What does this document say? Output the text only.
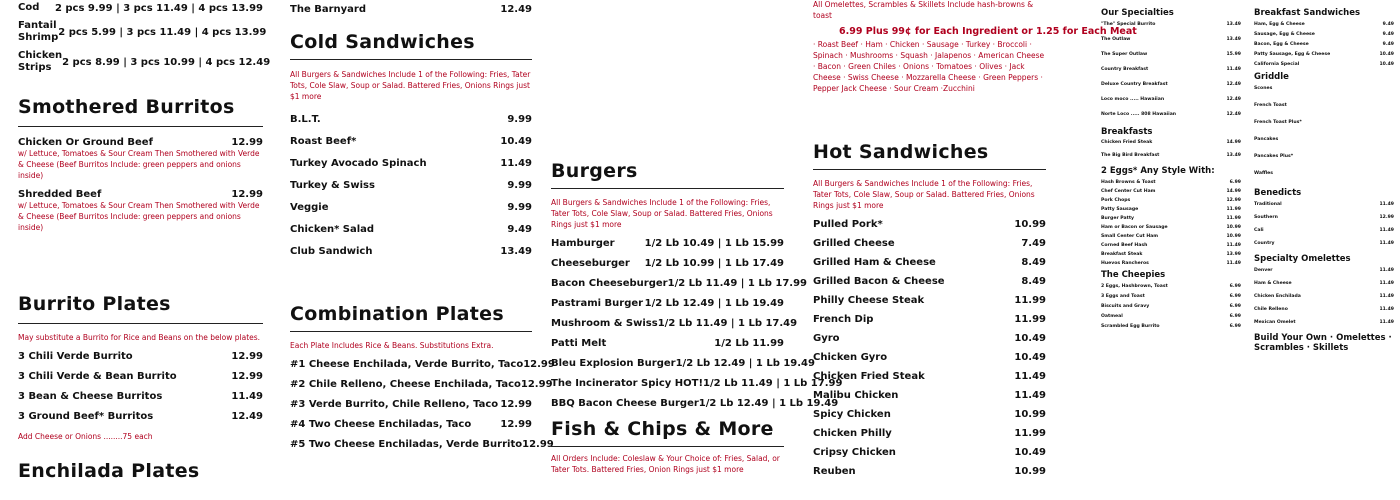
Cod 2 pcs 9.99 | 3 pcs 11.49 | 4 pcs 13.99
Fantail Shrimp 2 pcs 5.99 | 3 pcs 11.49 | 4 pcs 13.99
Chicken Strips	2 pcs 8.99 | 3 pcs 10.99 | 4 pcs 12.49
Smothered Burritos
Chicken Or Ground Beef	12.99
w/ Lettuce, Tomatoes & Sour Cream Then Smothered with Verde & Cheese (Beef Burritos Include: green peppers and onions inside)
Shredded Beef	12.99
w/ Lettuce, Tomatoes & Sour Cream Then Smothered with Verde & Cheese (Beef Burritos Include: green peppers and onions inside)
Burrito Plates
May substitute a Burrito for Rice and Beans on the below plates.
3 Chili Verde Burrito	12.99
3 Chili Verde & Bean Burrito	12.99
3 Bean & Cheese Burritos	11.49
3 Ground Beef* Burritos	12.49
Add Cheese or Onions ........75 each
Enchilada Plates
The Barnyard	12.49
Cold Sandwiches
All Burgers & Sandwiches Include 1 of the Following: Fries, Tater Tots, Cole Slaw, Soup or Salad. Battered Fries, Onions Rings just $1 more
B.L.T.	9.99
Roast Beef*	10.49
Turkey Avocado Spinach	11.49
Turkey & Swiss	9.99
Veggie	9.99
Chicken* Salad	9.49
Club Sandwich	13.49
Combination Plates
Each Plate Includes Rice & Beans. Substitutions Extra.
#1 Cheese Enchilada, Verde Burrito, Taco 12.99
#2 Chile Relleno, Cheese Enchilada, Taco 12.99
#3 Verde Burrito, Chile Relleno, Taco 12.99
#4 Two Cheese Enchiladas, Taco	12.99
#5 Two Cheese Enchiladas, Verde Burrito 12.99
Burgers
All Burgers & Sandwiches Include 1 of the Following: Fries, Tater Tots, Cole Slaw, Soup or Salad. Battered Fries, Onions Rings just $1 more
Hamburger	1/2 Lb 10.49 | 1 Lb 15.99
Cheeseburger 1/2 Lb 10.99 | 1 Lb 17.49
Bacon Cheeseburger 1/2 Lb 11.49 | 1 Lb 17.99
Pastrami Burger 1/2 Lb 12.49 | 1 Lb 19.49
Mushroom & Swiss 1/2 Lb 11.49 | 1 Lb 17.49
Patti Melt	1/2 Lb 11.99
Bleu Explosion Burger 1/2 Lb 12.49 | 1 Lb 19.49
The Incinerator Spicy HOT! 1/2 Lb 11.49 | 1 Lb 17.99
BBQ Bacon Cheese Burger 1/2 Lb 12.49 | 1 Lb 19.49
Fish & Chips & More
All Orders Include: Coleslaw & Your Choice of: Fries, Salad, or Tater Tots. Battered Fries, Onion Rings just $1 more
All Omelettes, Scrambles & Skillets Include hash-browns & toast
6.99 Plus 99¢ for Each Ingredient or 1.25 for Each Meat
· Roast Beef · Ham · Chicken · Sausage · Turkey · Broccoli · Spinach · Mushrooms · Squash · Jalapenos · American Cheese · Bacon · Green Chiles · Onions · Tomatoes · Olives · Jack Cheese · Swiss Cheese · Mozzarella Cheese · Green Peppers · Pepper Jack Cheese · Sour Cream ·Zucchini
Hot Sandwiches
All Burgers & Sandwiches Include 1 of the Following: Fries, Tater Tots, Cole Slaw, Soup or Salad. Battered Fries, Onions Rings just $1 more
Pulled Pork*	10.99
Grilled Cheese	7.49
Grilled Ham & Cheese	8.49
Grilled Bacon & Cheese	8.49
Philly Cheese Steak	11.99
French Dip	11.99
Gyro	10.49
Chicken Gyro	10.49
Chicken Fried Steak	11.49
Malibu Chicken	11.49
Spicy Chicken	10.99
Chicken Philly	11.99
Cripsy Chicken	10.49
Reuben	10.99
Our Specialties
"The" Special Burrito	13.49
The Outlaw	13.49
The Super Outlaw	15.99
Country Breakfast	11.49
Deluxe Country Breakfast	12.49
Loco moco ..... Hawaiian	12.49
Norte Loco ..... 808 Hawaiian	12.49
Breakfasts
Chicken Fried Steak	14.99
The Big Bird Breakfast	13.49
2 Eggs* Any Style With:
Hash Browns & Toast	6.99
Chef Center Cut Ham	14.99
Pork Chops	12.99
Patty Sausage	11.99
Burger Patty	11.99
Ham or Bacon or Sausage	10.99
Small Center Cut Ham	10.99
Corned Beef Hash	11.49
Breakfast Steak	13.99
Huevos Rancheros	11.49
The Cheepies
2 Eggs, Hashbrown, Toast	6.99
3 Eggs and Toast	6.99
Biscuits and Gravy	6.99
Oatmeal	6.99
Scrambled Egg Burrito	6.99
Breakfast Sandwiches
Ham, Egg & Cheese	9.49
Sausage, Egg & Cheese	9.49
Bacon, Egg & Cheese	9.49
Patty Sausage, Egg & Cheese	10.49
California Special	10.49
Griddle
Scones
French Toast
French Toast Plus*
Pancakes
Pancakes Plus*
Waffles
Benedicts
Traditional	11.49
Southern	12.99
Cali	11.49
Country	11.49
Specialty Omelettes
Denver	11.49
Ham & Cheese	11.49
Chicken Enchilada	11.49
Chile Relleno	11.49
Mexican Omelet	11.49
Build Your Own · Omelettes · Scrambles · Skillets
